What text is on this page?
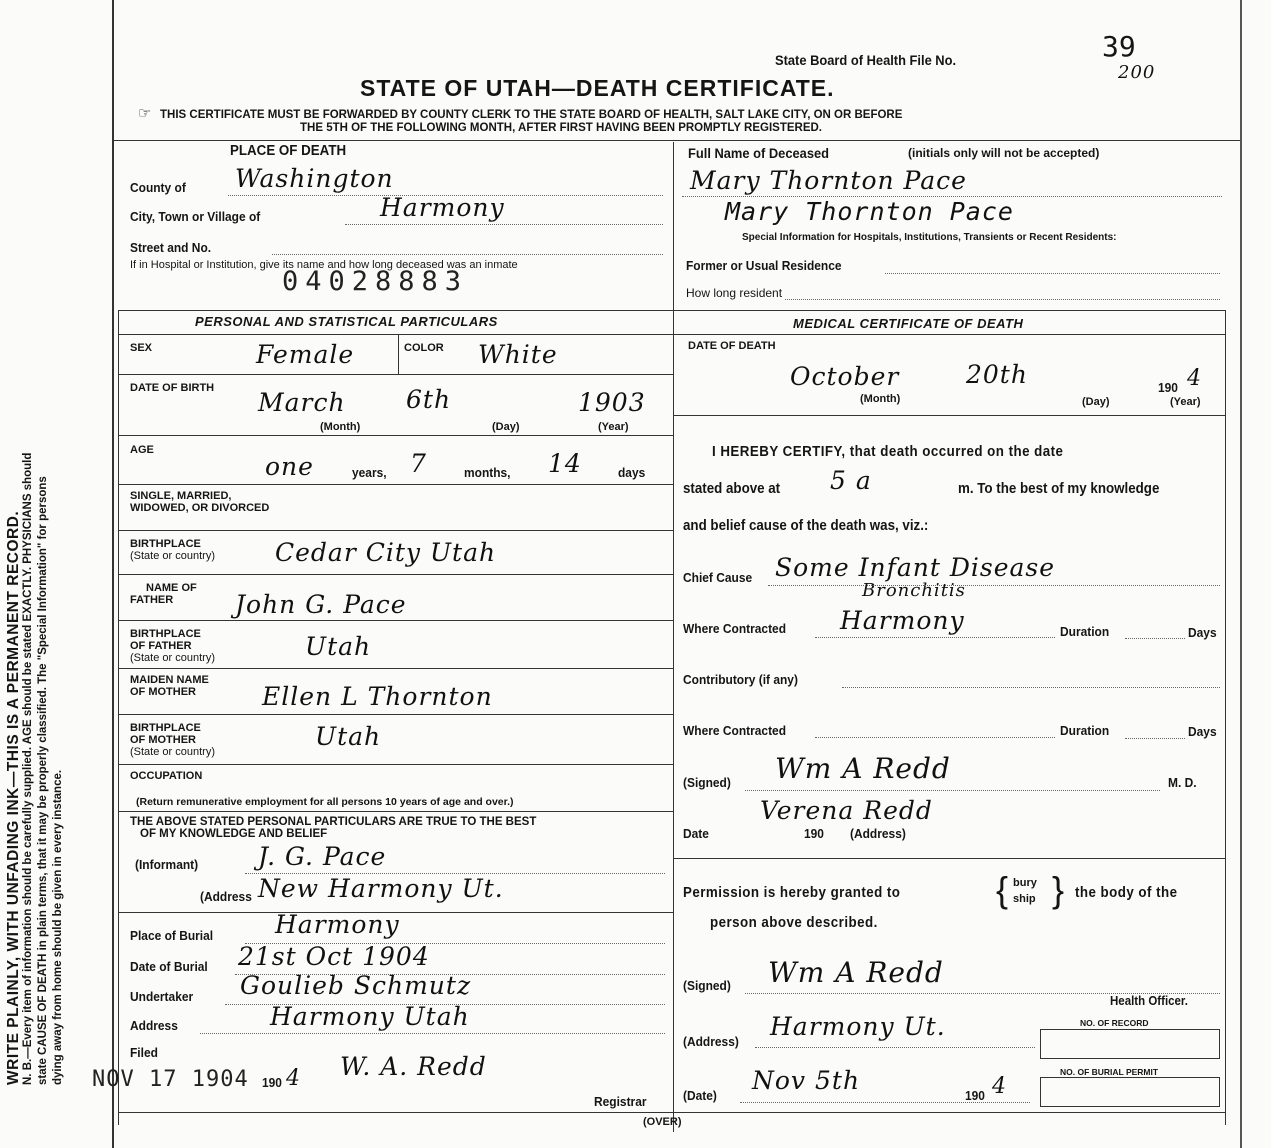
WRITE PLAINLY, WITH UNFADING INK—THIS IS A PERMANENT RECORD. N. B.—Every item of information should be carefully supplied. AGE should be stated EXACTLY. PHYSICIANS should state CAUSE OF DEATH in plain terms, that it may be properly classified. The "Special Information" for persons dying away from home should be given in every instance.
State Board of Health File No.	39
200
STATE OF UTAH—DEATH CERTIFICATE.
☞ THIS CERTIFICATE MUST BE FORWARDED BY COUNTY CLERK TO THE STATE BOARD OF HEALTH, SALT LAKE CITY, ON OR BEFORE
THE 5TH OF THE FOLLOWING MONTH, AFTER FIRST HAVING BEEN PROMPTLY REGISTERED.
PLACE OF DEATH
County of Washington
City, Town or Village of	Harmony
Street and No.
If in Hospital or Institution, give its name and how long deceased was an inmate
04028883
Full Name of Deceased	(initials only will not be accepted)
Mary Thornton Pace
Mary Thornton Pace
Special Information for Hospitals, Institutions, Transients or Recent Residents:
Former or Usual Residence
How long resident
PERSONAL AND STATISTICAL PARTICULARS
SEX	Female	COLOR White
DATE OF BIRTH March 6th	1903
(Month)	(Day)	(Year)
AGE
one	years, 7	months, 14	days
SINGLE, MARRIED,
WIDOWED, OR DIVORCED
BIRTHPLACE
(State or country) Cedar City Utah
NAME OF
FATHER John G. Pace
BIRTHPLACE
OF FATHER
(State or country)	Utah
MAIDEN NAME
OF MOTHER	Ellen L Thornton
BIRTHPLACE
OF MOTHER
(State or country)
Utah
OCCUPATION
(Return remunerative employment for all persons 10 years of age and over.)
THE ABOVE STATED PERSONAL PARTICULARS ARE TRUE TO THE BEST
OF MY KNOWLEDGE AND BELIEF
(Informant) J. G. Pace
(Address New Harmony Ut.
Place of Burial Harmony
Date of Burial 21st Oct 1904
Undertaker Goulieb Schmutz
Address	Harmony Utah
Filed
NOV 17 1904 190 4 W. A. Redd
Registrar
(OVER)
MEDICAL CERTIFICATE OF DEATH
DATE OF DEATH
October	20th	190 4
(Month)	(Day)	(Year)
I HEREBY CERTIFY, that death occurred on the date
stated above at 5 a	m. To the best of my knowledge
and belief cause of the death was, viz.:
Chief Cause Some Infant Disease
Bronchitis
Where Contracted Harmony	Duration	Days
Contributory (if any)
Where Contracted	Duration	Days
(Signed) Wm A Redd	M. D.
Verena Redd
Date	190 (Address)
Permission is hereby granted to	{ bury
ship } the body of the
person above described.
(Signed) Wm A Redd
Health Officer.
NO. OF RECORD
(Address)
Harmony Ut.
NO. OF BURIAL PERMIT
(Date)
Nov 5th
190 4
